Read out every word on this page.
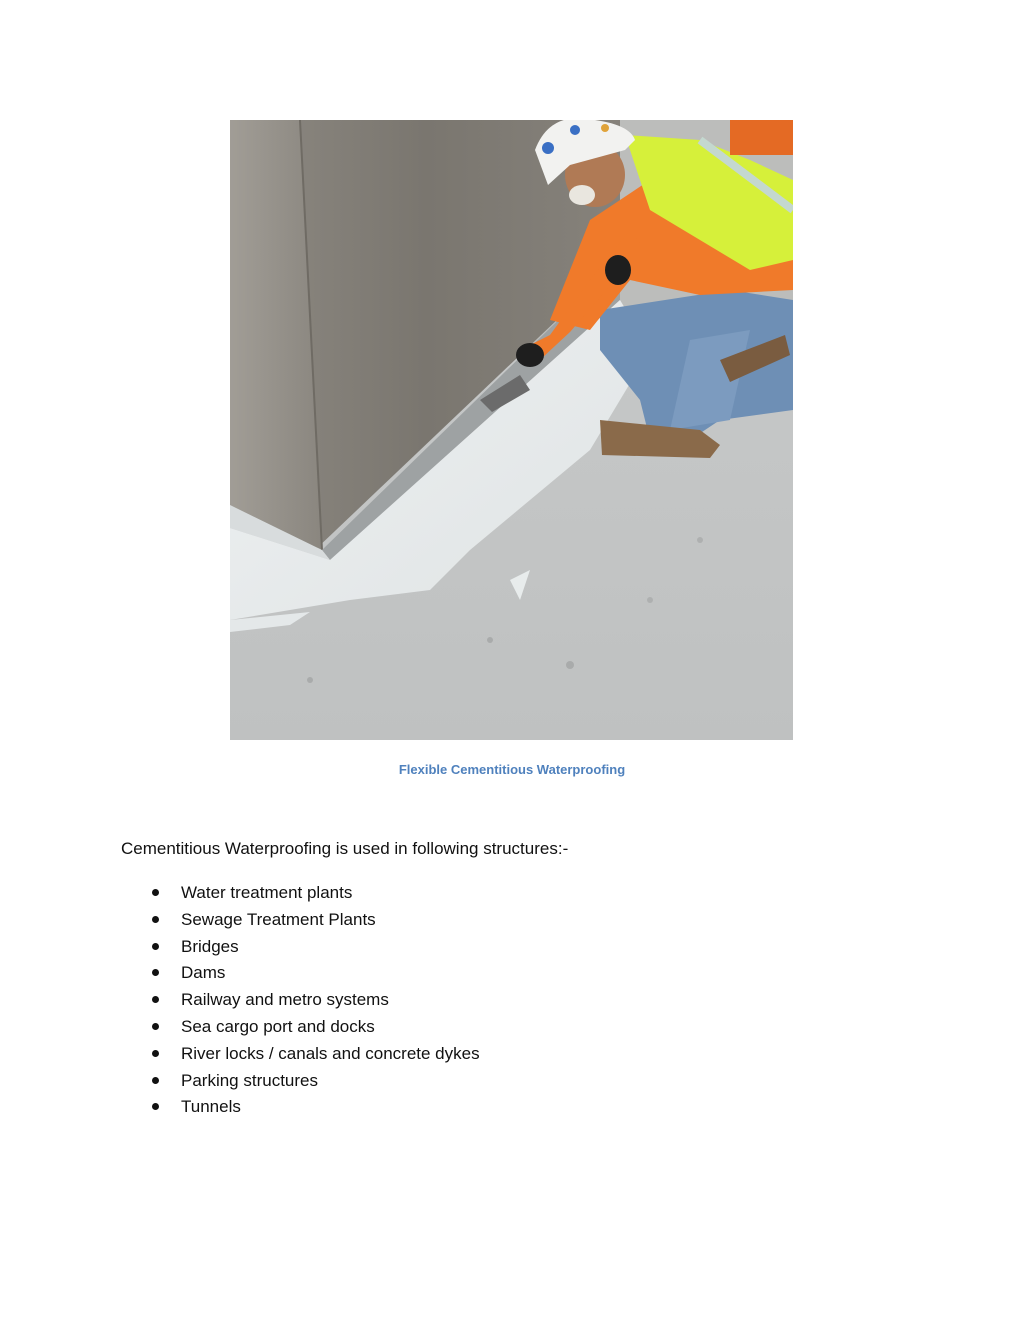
Flexible Cementitious Waterproofing
Cementitious Waterproofing is used in following structures:-
Water treatment plants
Sewage Treatment Plants
Bridges
Dams
Railway and metro systems
Sea cargo port and docks
River locks / canals and concrete dykes
Parking structures
Tunnels
